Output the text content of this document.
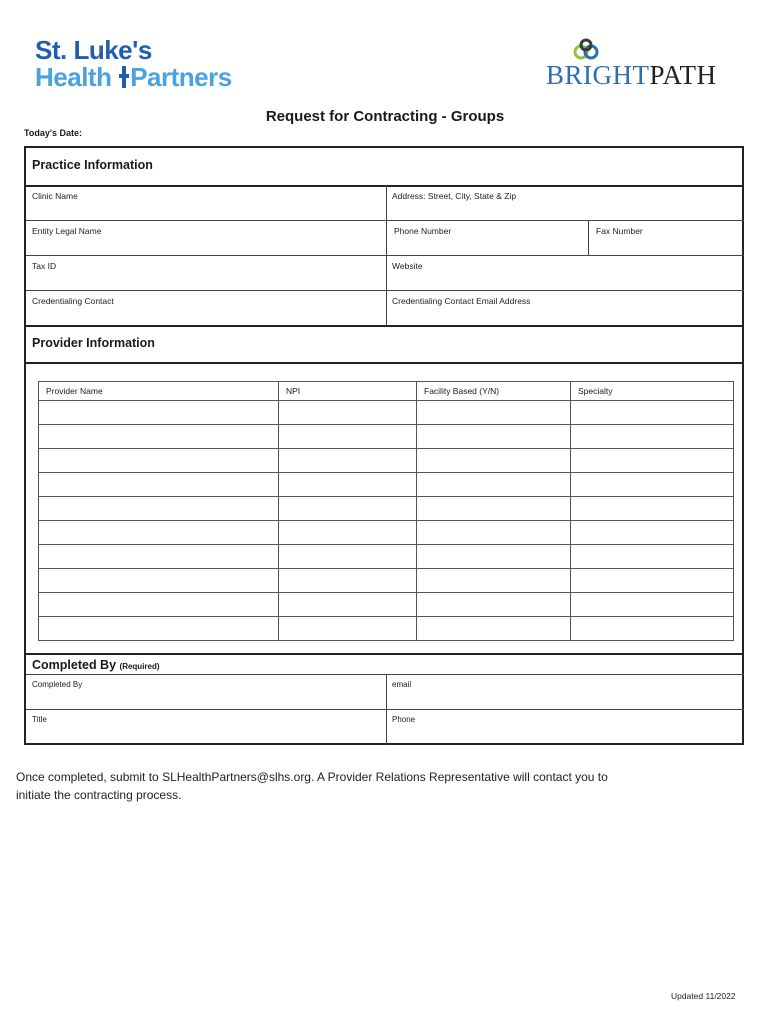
St. Luke's
Health Partners	BRIGHTPATH
Request for Contracting - Groups
Today's Date:
Practice Information
Clinic Name	Address: Street, City, State & Zip
Entity Legal Name	Phone Number	Fax Number
Tax ID	Website
Credentialing Contact	Credentialing Contact Email Address
Provider Information
Provider Name	NPI	Facility Based (Y/N)	Specialty

Completed By (Required)
Completed By	email
Title	Phone
Once completed, submit to SLHealthPartners@slhs.org. A Provider Relations Representative will contact you to initiate the contracting process.
Updated 11/2022
